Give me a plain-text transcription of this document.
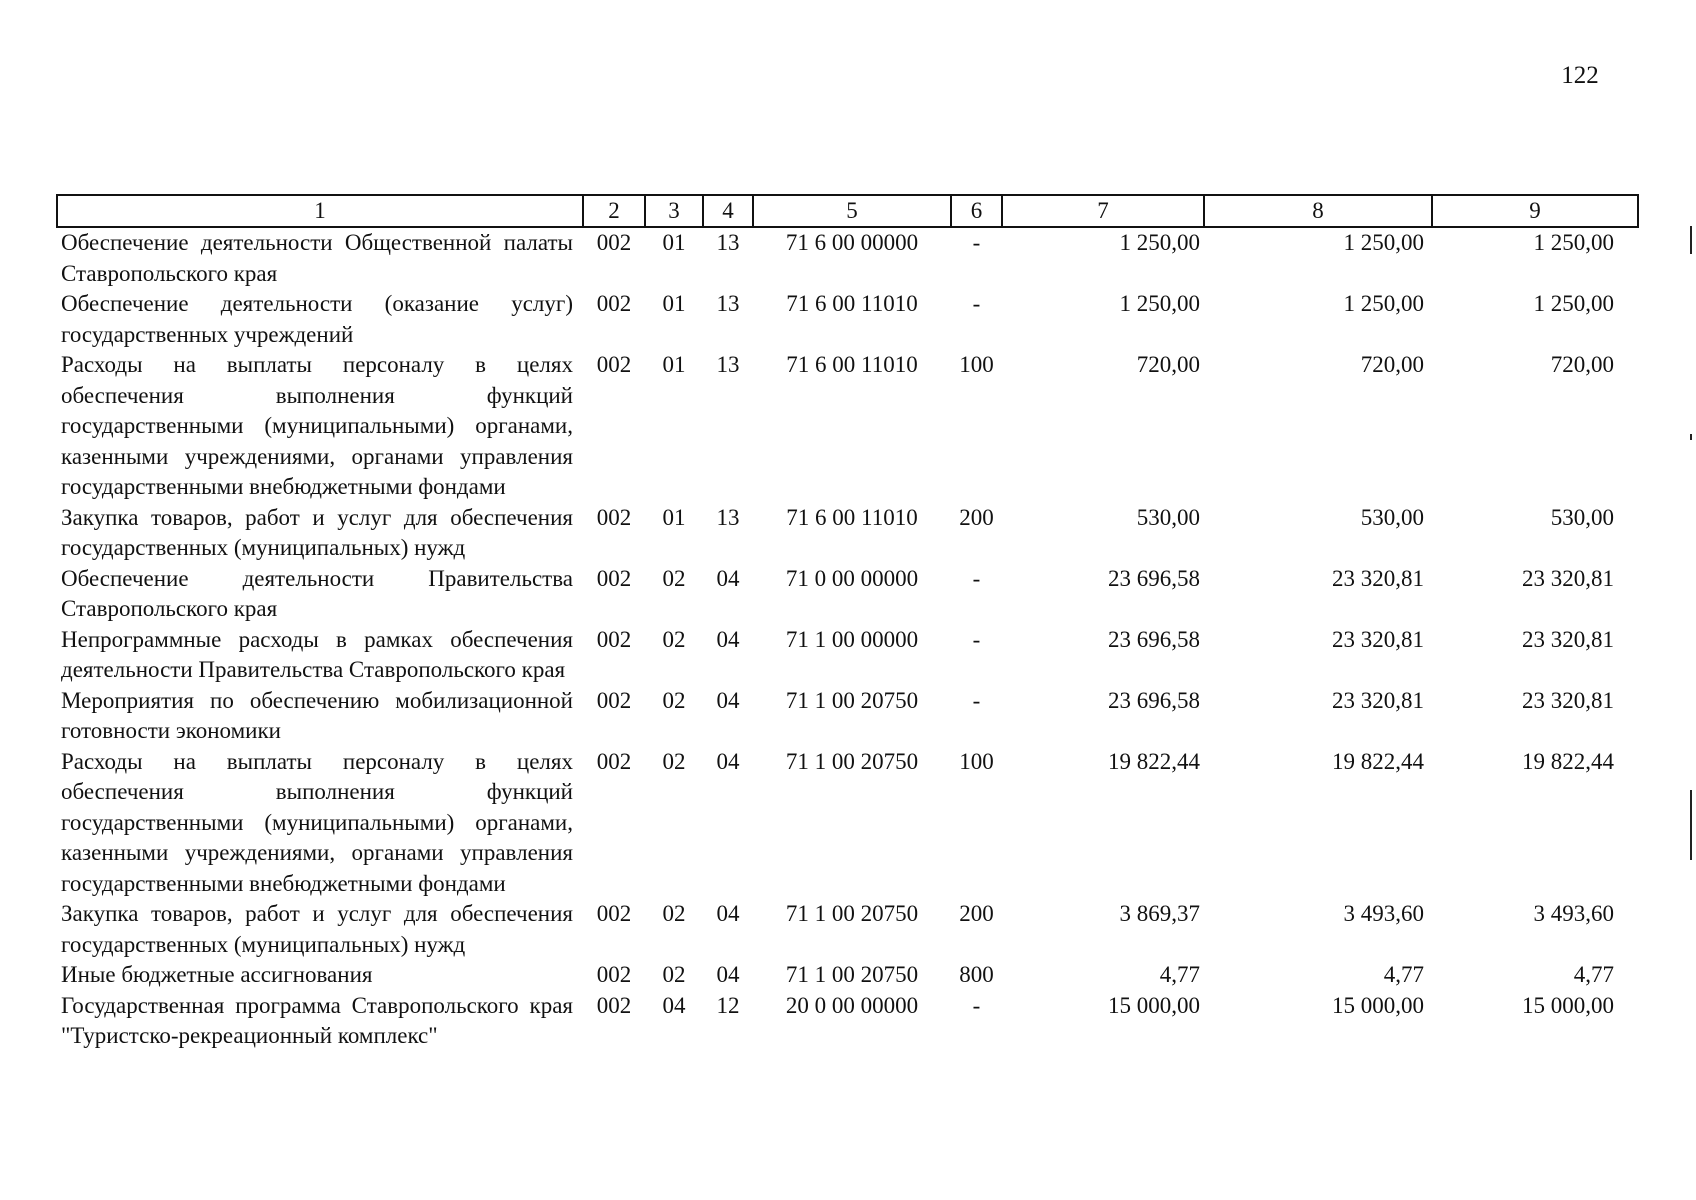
122
1	2	3	4	5	6	7	8	9
Обеспечение деятельности Общественной палаты Ставропольского края	002	01	13	71 6 00 00000	-	1 250,00	1 250,00	1 250,00
Обеспечение деятельности (оказание услуг) государственных учреждений	002	01	13	71 6 00 11010	-	1 250,00	1 250,00	1 250,00
Расходы на выплаты персоналу в целях обеспечения выполнения функций государственными (муниципальными) органами, казенными учреждениями, органами управления государственными внебюджетными фондами	002	01	13	71 6 00 11010	100	720,00	720,00	720,00
Закупка товаров, работ и услуг для обеспечения государственных (муниципальных) нужд	002	01	13	71 6 00 11010	200	530,00	530,00	530,00
Обеспечение деятельности Правительства Ставропольского края	002	02	04	71 0 00 00000	-	23 696,58	23 320,81	23 320,81
Непрограммные расходы в рамках обеспечения деятельности Правительства Ставропольского края	002	02	04	71 1 00 00000	-	23 696,58	23 320,81	23 320,81
Мероприятия по обеспечению мобилизационной готовности экономики	002	02	04	71 1 00 20750	-	23 696,58	23 320,81	23 320,81
Расходы на выплаты персоналу в целях обеспечения выполнения функций государственными (муниципальными) органами, казенными учреждениями, органами управления государственными внебюджетными фондами	002	02	04	71 1 00 20750	100	19 822,44	19 822,44	19 822,44
Закупка товаров, работ и услуг для обеспечения государственных (муниципальных) нужд	002	02	04	71 1 00 20750	200	3 869,37	3 493,60	3 493,60
Иные бюджетные ассигнования	002	02	04	71 1 00 20750	800	4,77	4,77	4,77
Государственная программа Ставропольского края "Туристско-рекреационный комплекс"	002	04	12	20 0 00 00000	-	15 000,00	15 000,00	15 000,00
